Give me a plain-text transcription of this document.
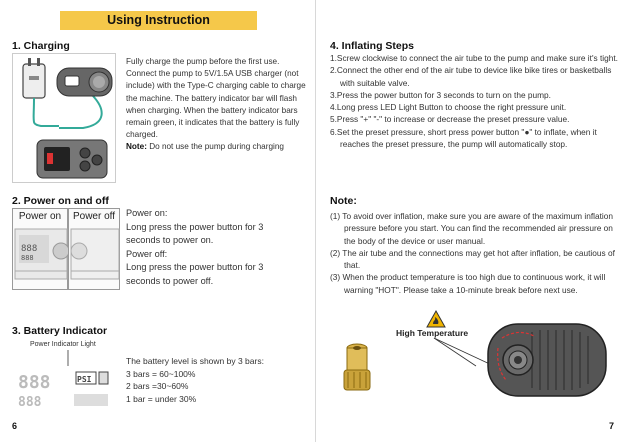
Using Instruction
1. Charging
Fully charge the pump before the first use. Connect the pump to 5V/1.5A USB charger (not include) with the Type-C charging cable to charge the machine. The battery indicator bar will flash when charging. When the battery indicator bars remain green, it indicates that the battery is fully charged.
Note: Do not use the pump during charging
2. Power on and off
Power on
888
888
Power off	Power on:
Long press the power button for 3
seconds to power on.
Power off:
Long press the power button for 3
seconds to power off.
3. Battery Indicator
Power Indicator Light
888	PSI
888
The battery level is shown by 3 bars:
3 bars = 60~100%
2 bars =30~60%
1 bar = under 30%
6
4. Inflating Steps
1.Screw clockwise to connect the air tube to the pump and make sure it's tight.
2.Connect the other end of the air tube to device like bike tires or basketballs with suitable valve.
3.Press the power button for 3 seconds to turn on the pump.
4.Long press LED Light Button to choose the right pressure unit.
5.Press "+" "-" to increase or decrease the preset pressure value.
6.Set the preset pressure, short press power button "●" to inflate, when it reaches the preset pressure, the pump will automatically stop.
Note:
(1) To avoid over inflation, make sure you are aware of the maximum inflation pressure before you start. You can find the recommended air pressure on the body of the device or user manual.
(2) The air tube and the connections may get hot after inflation, be cautious of that.
(3) When the product temperature is too high due to continuous work, it will warning "HOT". Please take a 10-minute break before next use.
High Temperature
7
